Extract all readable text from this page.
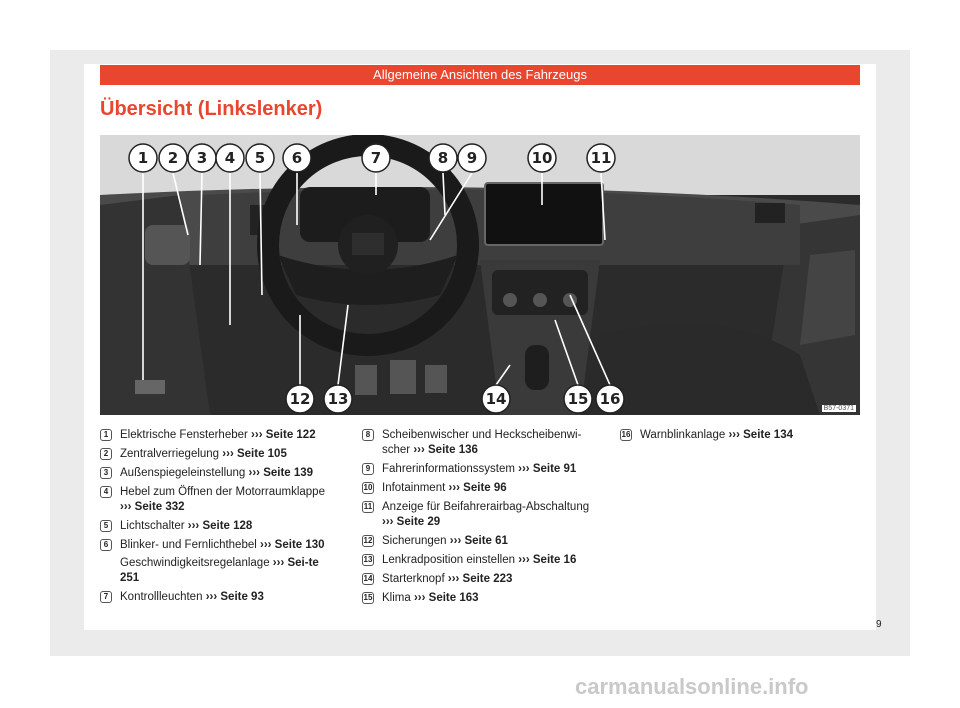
Allgemeine Ansichten des Fahrzeugs
Übersicht (Linkslenker)
1 2 3 4 5 6	7	8 9	10	11
12 13	14	15 16
B57-0371
1	Elektrische Fensterheber ››› Seite 122
2	Zentralverriegelung ››› Seite 105
3	Außenspiegeleinstellung ››› Seite 139
4	Hebel zum Öffnen der Motorraumklappe ››› Seite 332
5	Lichtschalter ››› Seite 128
6	Blinker- und Fernlichthebel ››› Seite 130
Geschwindigkeitsregelanlage ››› Sei-te 251
7	Kontrollleuchten ››› Seite 93
8	Scheibenwischer und Heckscheibenwi-scher ››› Seite 136
9	Fahrerinformationssystem ››› Seite 91
10 Infotainment ››› Seite 96
11 Anzeige für Beifahrerairbag-Abschaltung ››› Seite 29
12 Sicherungen ››› Seite 61
13 Lenkradposition einstellen ››› Seite 16
14 Starterknopf ››› Seite 223
15 Klima ››› Seite 163
16 Warnblinkanlage ››› Seite 134
9
carmanualsonline.info
